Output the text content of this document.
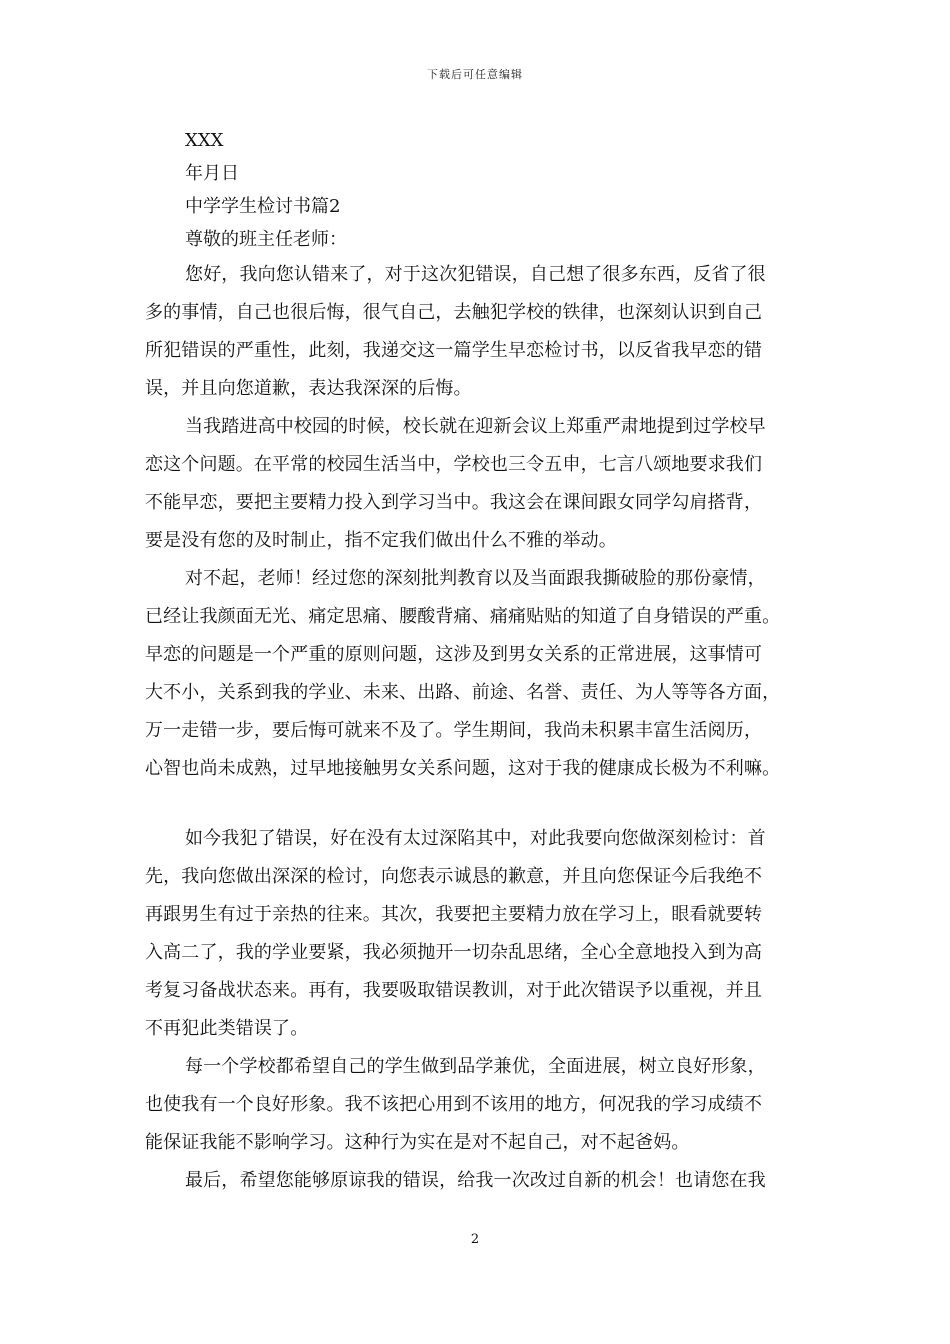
下载后可任意编辑

XXX

年月日

中学学生检讨书篇2

尊敬的班主任老师：

您好，我向您认错来了，对于这次犯错误，自己想了很多东西，反省了很
多的事情，自己也很后悔，很气自己，去触犯学校的铁律，也深刻认识到自己
所犯错误的严重性，此刻，我递交这一篇学生早恋检讨书，以反省我早恋的错
误，并且向您道歉，表达我深深的后悔。
当我踏进高中校园的时候，校长就在迎新会议上郑重严肃地提到过学校早
恋这个问题。在平常的校园生活当中，学校也三令五申，七言八颂地要求我们
不能早恋，要把主要精力投入到学习当中。我这会在课间跟女同学勾肩搭背，
要是没有您的及时制止，指不定我们做出什么不雅的举动。
对不起，老师！经过您的深刻批判教育以及当面跟我撕破脸的那份豪情，
已经让我颜面无光、痛定思痛、腰酸背痛、痛痛贴贴的知道了自身错误的严重。
早恋的问题是一个严重的原则问题，这涉及到男女关系的正常进展，这事情可
大不小，关系到我的学业、未来、出路、前途、名誉、责任、为人等等各方面，
万一走错一步，要后悔可就来不及了。学生期间，我尚未积累丰富生活阅历，
心智也尚未成熟，过早地接触男女关系问题，这对于我的健康成长极为不利嘛。
如今我犯了错误，好在没有太过深陷其中，对此我要向您做深刻检讨：首
先，我向您做出深深的检讨，向您表示诚恳的歉意，并且向您保证今后我绝不
再跟男生有过于亲热的往来。其次，我要把主要精力放在学习上，眼看就要转
入高二了，我的学业要紧，我必须抛开一切杂乱思绪，全心全意地投入到为高
考复习备战状态来。再有，我要吸取错误教训，对于此次错误予以重视，并且
不再犯此类错误了。
每一个学校都希望自己的学生做到品学兼优，全面进展，树立良好形象，
也使我有一个良好形象。我不该把心用到不该用的地方，何况我的学习成绩不
能保证我能不影响学习。这种行为实在是对不起自己，对不起爸妈。
最后，希望您能够原谅我的错误，给我一次改过自新的机会！也请您在我
2
